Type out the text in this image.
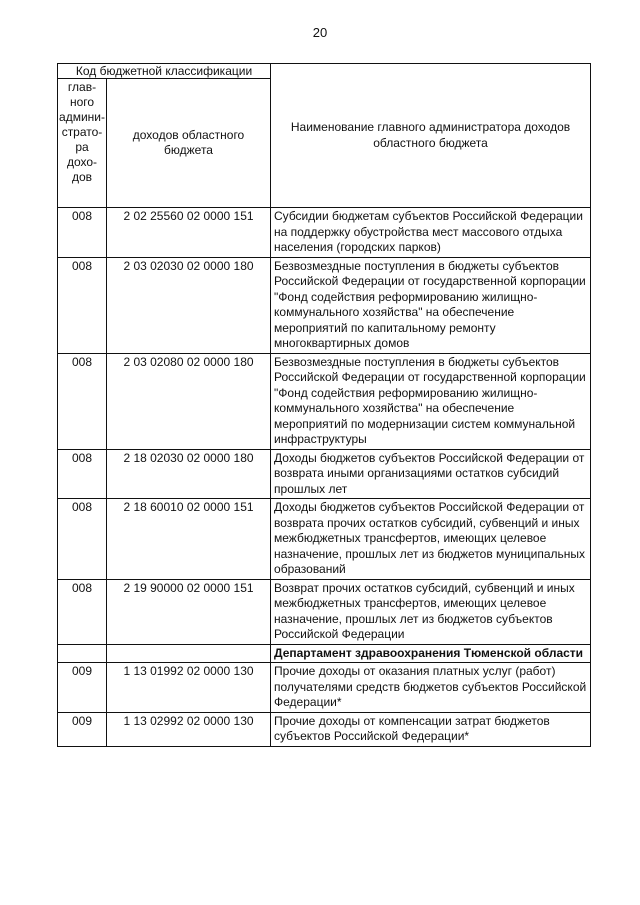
20
Код бюджетной классификации		Наименование главного администратора доходов областного бюджета
глав-ного админи-страто-ра дохо-дов	доходов областного бюджета	
008	2 02 25560 02 0000 151	Субсидии бюджетам субъектов Российской Федерации на поддержку обустройства мест массового отдыха населения (городских парков)
008	2 03 02030 02 0000 180	Безвозмездные поступления в бюджеты субъектов Российской Федерации от государственной корпорации "Фонд содействия реформированию жилищно-коммунального хозяйства" на обеспечение мероприятий по капитальному ремонту многоквартирных домов
008	2 03 02080 02 0000 180	Безвозмездные поступления в бюджеты субъектов Российской Федерации от государственной корпорации "Фонд содействия реформированию жилищно-коммунального хозяйства" на обеспечение мероприятий по модернизации систем коммунальной инфраструктуры
008	2 18 02030 02 0000 180	Доходы бюджетов субъектов Российской Федерации от возврата иными организациями остатков субсидий прошлых лет
008	2 18 60010 02 0000 151	Доходы бюджетов субъектов Российской Федерации от возврата прочих остатков субсидий, субвенций и иных межбюджетных трансфертов, имеющих целевое назначение, прошлых лет из бюджетов муниципальных образований
008	2 19 90000 02 0000 151	Возврат прочих остатков субсидий, субвенций и иных межбюджетных трансфертов, имеющих целевое назначение, прошлых лет из бюджетов субъектов Российской Федерации
		Департамент здравоохранения Тюменской области
009	1 13 01992 02 0000 130	Прочие доходы от оказания платных услуг (работ) получателями средств бюджетов субъектов Российской Федерации*
009	1 13 02992 02 0000 130	Прочие доходы от компенсации затрат бюджетов субъектов Российской Федерации*
